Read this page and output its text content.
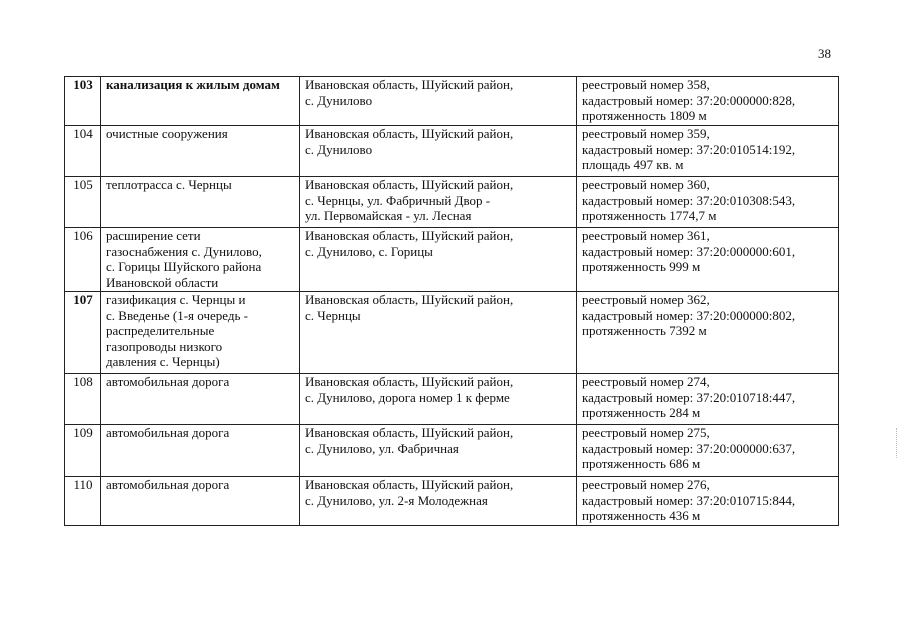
38
103	канализация к жилым домам	Ивановская область, Шуйский район,
с. Дунилово	реестровый номер 358,
кадастровый номер: 37:20:000000:828,
протяженность 1809 м

104	очистные сооружения	Ивановская область, Шуйский район,
с. Дунилово	реестровый номер 359,
кадастровый номер: 37:20:010514:192,
площадь 497 кв. м

105	теплотрасса с. Чернцы	Ивановская область, Шуйский район,
с. Чернцы, ул. Фабричный Двор -
ул. Первомайская - ул. Лесная	реестровый номер 360,
кадастровый номер: 37:20:010308:543,
протяженность 1774,7 м

106	расширение сети
газоснабжения с. Дунилово,
с. Горицы Шуйского района
Ивановской области	Ивановская область, Шуйский район,
с. Дунилово, с. Горицы	реестровый номер 361,
кадастровый номер: 37:20:000000:601,
протяженность 999 м

107	газификация с. Чернцы и
с. Введенье (1-я очередь -
распределительные
газопроводы низкого
давления с. Чернцы)	Ивановская область, Шуйский район,
с. Чернцы	реестровый номер 362,
кадастровый номер: 37:20:000000:802,
протяженность 7392 м

108	автомобильная дорога	Ивановская область, Шуйский район,
с. Дунилово, дорога номер 1 к ферме	реестровый номер 274,
кадастровый номер: 37:20:010718:447,
протяженность 284 м

109	автомобильная дорога	Ивановская область, Шуйский район,
с. Дунилово, ул. Фабричная	реестровый номер 275,
кадастровый номер: 37:20:000000:637,
протяженность 686 м

110	автомобильная дорога	Ивановская область, Шуйский район,
с. Дунилово, ул. 2-я Молодежная	реестровый номер 276,
кадастровый номер: 37:20:010715:844,
протяженность 436 м
